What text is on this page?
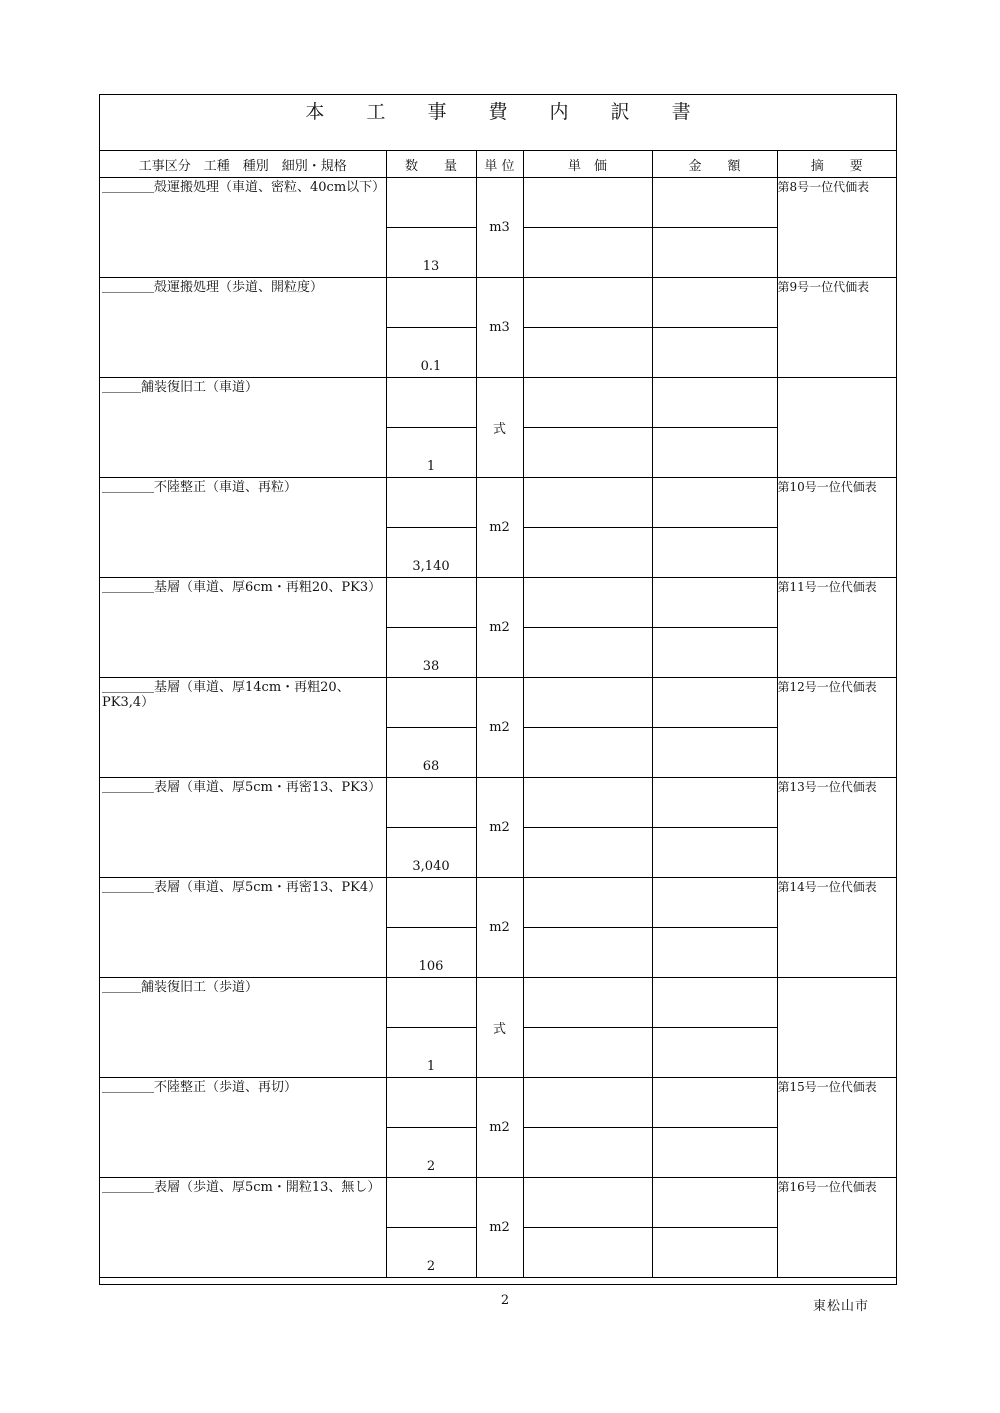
本 工 事 費 内 訳 書
工事区分　工種　種別　細別・規格	数　　量	単 位	単　価	金　　額	摘　　要
＿＿＿＿殻運搬処理（車道、密粒、40cm以下）		m3			第8号一位代価表
	13				
＿＿＿＿殻運搬処理（歩道、開粒度）		m3			第9号一位代価表
	0.1				
＿＿＿舗装復旧工（車道）		式			
	1				
＿＿＿＿不陸整正（車道、再粒）		m2			第10号一位代価表
	3,140				
＿＿＿＿基層（車道、厚6cm・再粗20、PK3）		m2			第11号一位代価表
	38				
＿＿＿＿基層（車道、厚14cm・再粗20、PK3,4）		m2			第12号一位代価表
	68				
＿＿＿＿表層（車道、厚5cm・再密13、PK3）		m2			第13号一位代価表
	3,040				
＿＿＿＿表層（車道、厚5cm・再密13、PK4）		m2			第14号一位代価表
	106				
＿＿＿舗装復旧工（歩道）		式			
	1				
＿＿＿＿不陸整正（歩道、再切）		m2			第15号一位代価表
	2				
＿＿＿＿表層（歩道、厚5cm・開粒13、無し）		m2			第16号一位代価表
	2				
2	東松山市
